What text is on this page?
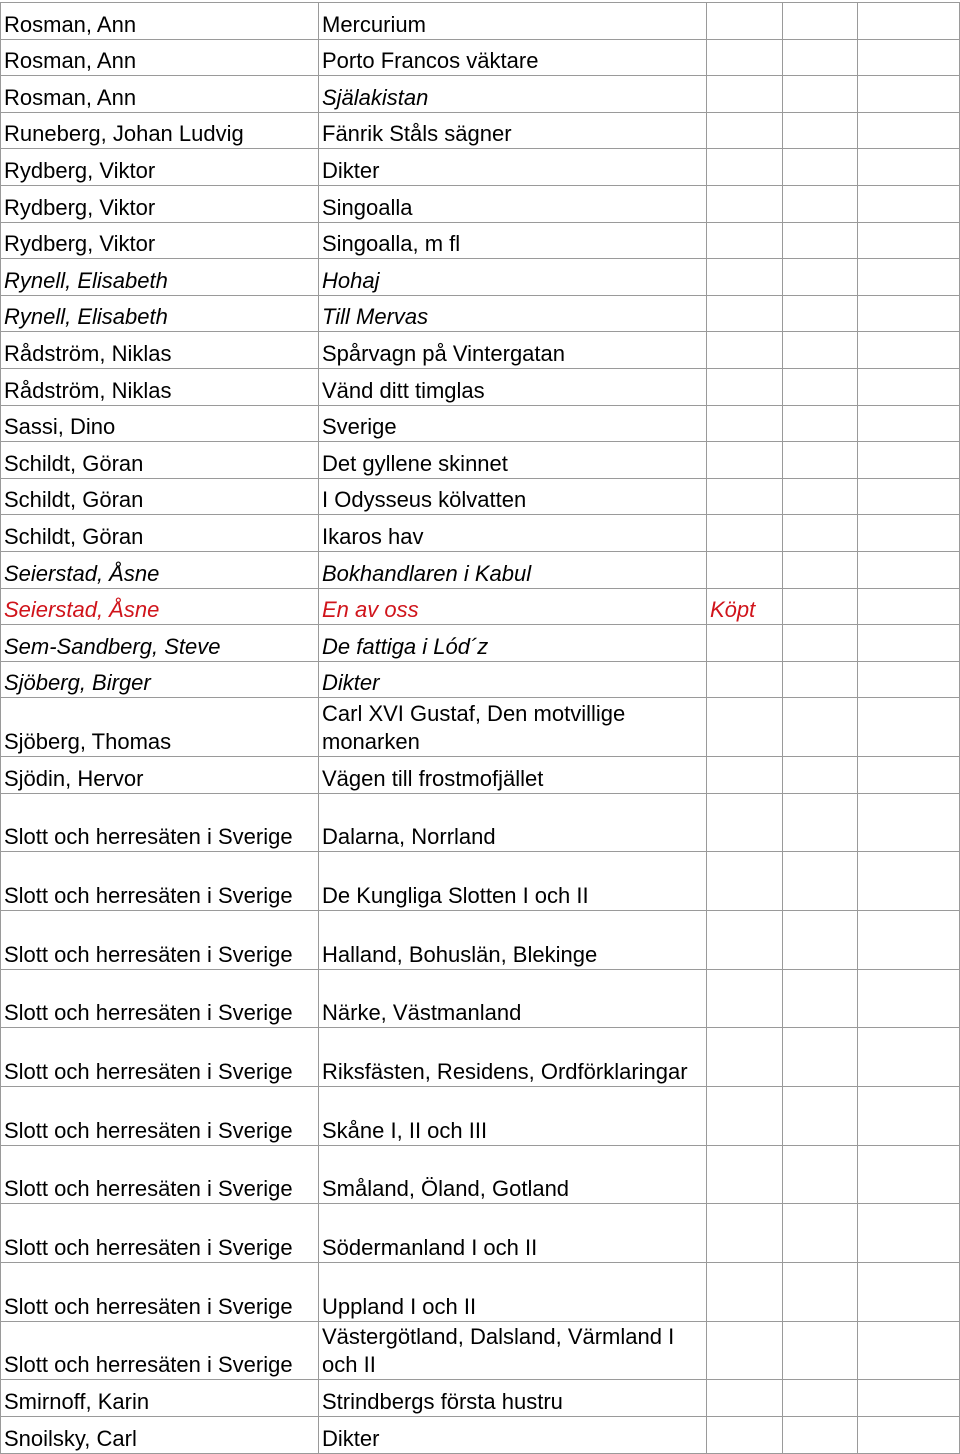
Rosman, Ann	Mercurium			
Rosman, Ann	Porto Francos väktare			
Rosman, Ann	Själakistan			
Runeberg, Johan Ludvig	Fänrik Ståls sägner			
Rydberg, Viktor	Dikter			
Rydberg, Viktor	Singoalla			
Rydberg, Viktor	Singoalla, m fl			
Rynell, Elisabeth	Hohaj			
Rynell, Elisabeth	Till Mervas			
Rådström, Niklas	Spårvagn på Vintergatan			
Rådström, Niklas	Vänd ditt timglas			
Sassi, Dino	Sverige			
Schildt, Göran	Det gyllene skinnet			
Schildt, Göran	I Odysseus kölvatten			
Schildt, Göran	Ikaros hav			
Seierstad, Åsne	Bokhandlaren i Kabul			
Seierstad, Åsne	En av oss	Köpt		
Sem-Sandberg, Steve	De fattiga i Lód´z			
Sjöberg, Birger	Dikter			
Sjöberg, Thomas	Carl XVI Gustaf, Den motvillige monarken			
Sjödin, Hervor	Vägen till frostmofjället			
Slott och herresäten i Sverige	Dalarna, Norrland			
Slott och herresäten i Sverige	De Kungliga Slotten I och II			
Slott och herresäten i Sverige	Halland, Bohuslän, Blekinge			
Slott och herresäten i Sverige	Närke, Västmanland			
Slott och herresäten i Sverige	Riksfästen, Residens, Ordförklaringar			
Slott och herresäten i Sverige	Skåne I, II och III			
Slott och herresäten i Sverige	Småland, Öland, Gotland			
Slott och herresäten i Sverige	Södermanland I och II			
Slott och herresäten i Sverige	Uppland I och II			
Slott och herresäten i Sverige	Västergötland, Dalsland, Värmland I och II			
Smirnoff, Karin	Strindbergs första hustru			
Snoilsky, Carl	Dikter			
